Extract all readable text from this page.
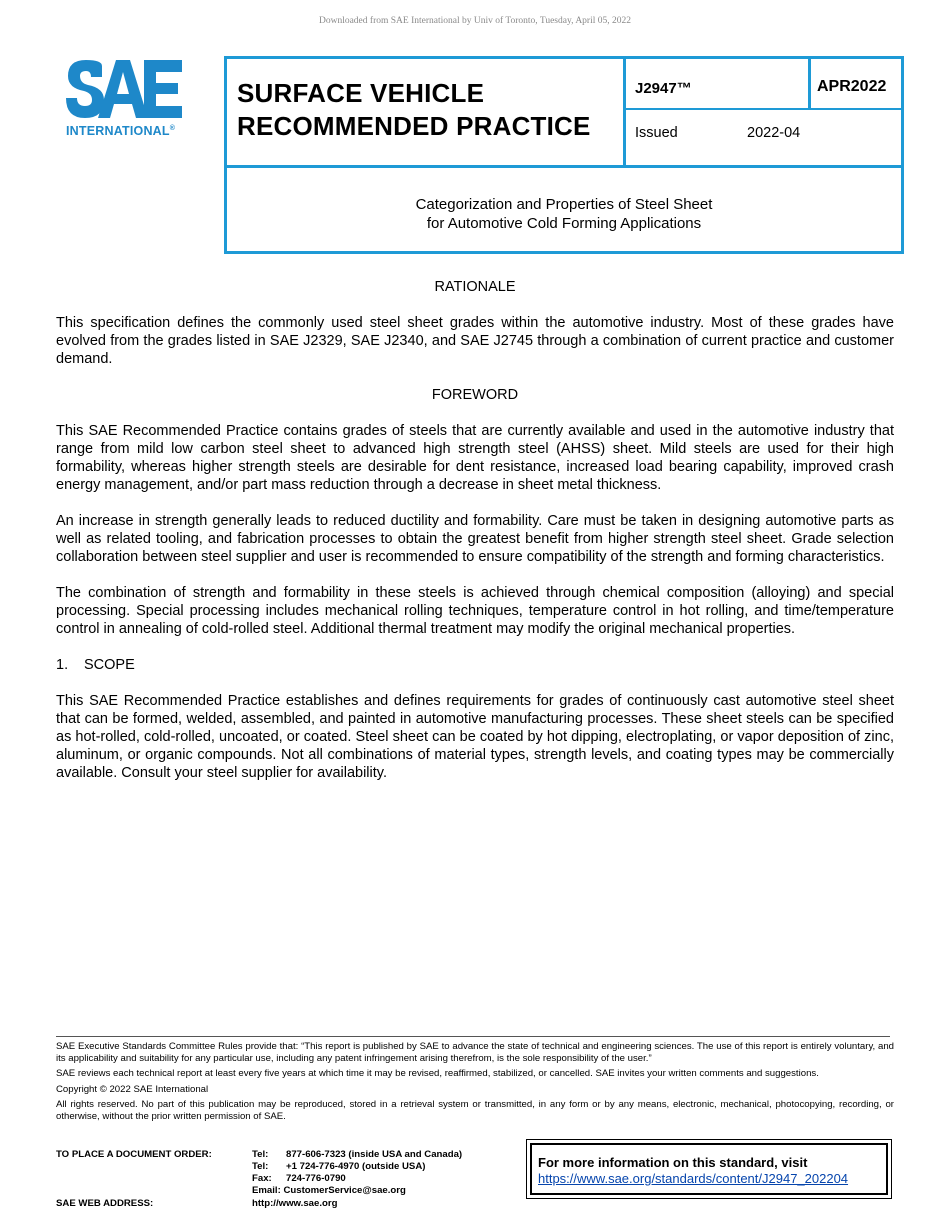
Downloaded from SAE International by Univ of Toronto, Tuesday, April 05, 2022
INTERNATIONAL®
SURFACE VEHICLE
RECOMMENDED PRACTICE
J2947™	APR2022
Issued	2022-04
Categorization and Properties of Steel Sheet
for Automotive Cold Forming Applications
RATIONALE
This specification defines the commonly used steel sheet grades within the automotive industry. Most of these grades have evolved from the grades listed in SAE J2329, SAE J2340, and SAE J2745 through a combination of current practice and customer demand.
FOREWORD
This SAE Recommended Practice contains grades of steels that are currently available and used in the automotive industry that range from mild low carbon steel sheet to advanced high strength steel (AHSS) sheet. Mild steels are used for their high formability, whereas higher strength steels are desirable for dent resistance, increased load bearing capability, improved crash energy management, and/or part mass reduction through a decrease in sheet metal thickness.
An increase in strength generally leads to reduced ductility and formability. Care must be taken in designing automotive parts as well as related tooling, and fabrication processes to obtain the greatest benefit from higher strength steel sheet. Grade selection collaboration between steel supplier and user is recommended to ensure compatibility of the strength and forming characteristics.
The combination of strength and formability in these steels is achieved through chemical composition (alloying) and special processing. Special processing includes mechanical rolling techniques, temperature control in hot rolling, and time/temperature control in annealing of cold-rolled steel. Additional thermal treatment may modify the original mechanical properties.
1. SCOPE
This SAE Recommended Practice establishes and defines requirements for grades of continuously cast automotive steel sheet that can be formed, welded, assembled, and painted in automotive manufacturing processes. These sheet steels can be specified as hot-rolled, cold-rolled, uncoated, or coated. Steel sheet can be coated by hot dipping, electroplating, or vapor deposition of zinc, aluminum, or organic compounds. Not all combinations of material types, strength levels, and coating types may be commercially available. Consult your steel supplier for availability.
SAE Executive Standards Committee Rules provide that: “This report is published by SAE to advance the state of technical and engineering sciences. The use of this report is entirely voluntary, and its applicability and suitability for any particular use, including any patent infringement arising therefrom, is the sole responsibility of the user.”
SAE reviews each technical report at least every five years at which time it may be revised, reaffirmed, stabilized, or cancelled. SAE invites your written comments and suggestions.
Copyright © 2022 SAE International
All rights reserved. No part of this publication may be reproduced, stored in a retrieval system or transmitted, in any form or by any means, electronic, mechanical, photocopying, recording, or otherwise, without the prior written permission of SAE.
TO PLACE A DOCUMENT ORDER:	Tel:	877-606-7323 (inside USA and Canada)
Tel:	+1 724-776-4970 (outside USA)
Fax:	724-776-0790
Email: CustomerService@sae.org
SAE WEB ADDRESS:	http://www.sae.org
For more information on this standard, visit
https://www.sae.org/standards/content/J2947_202204
